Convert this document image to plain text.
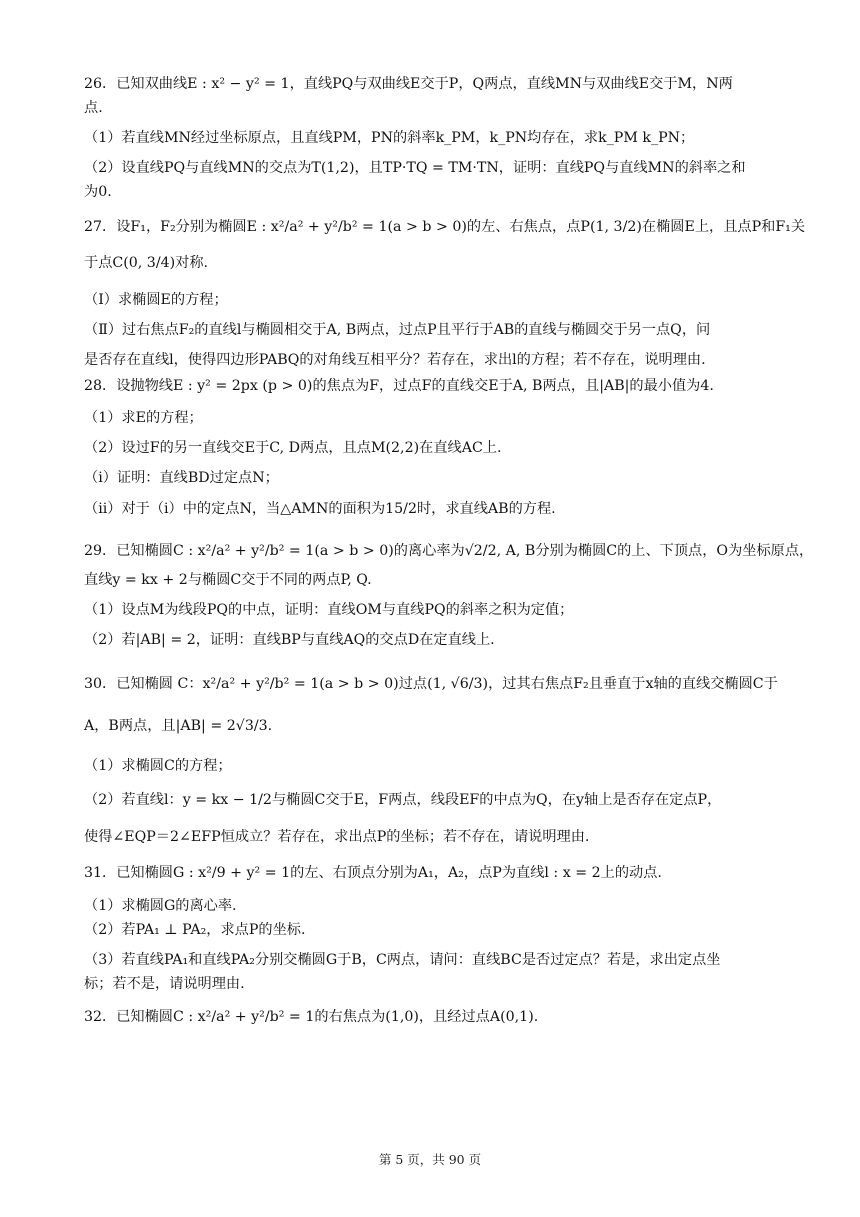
26．已知双曲线E : x² − y² = 1，直线PQ与双曲线E交于P，Q两点，直线MN与双曲线E交于M，N两
点.
（1）若直线MN经过坐标原点，且直线PM，PN的斜率k_PM，k_PN均存在，求k_PM k_PN；
（2）设直线PQ与直线MN的交点为T(1,2)，且TP·TQ = TM·TN，证明：直线PQ与直线MN的斜率之和
为0.
27．设F₁，F₂分别为椭圆E : x²/a² + y²/b² = 1(a > b > 0)的左、右焦点，点P(1, 3/2)在椭圆E上，且点P和F₁关
于点C(0, 3/4)对称.
（Ⅰ）求椭圆E的方程；
（Ⅱ）过右焦点F₂的直线l与椭圆相交于A, B两点，过点P且平行于AB的直线与椭圆交于另一点Q，问
是否存在直线l，使得四边形PABQ的对角线互相平分？若存在，求出l的方程；若不存在，说明理由.
28．设抛物线E : y² = 2px (p > 0)的焦点为F，过点F的直线交E于A, B两点，且|AB|的最小值为4.
（1）求E的方程；
（2）设过F的另一直线交E于C, D两点，且点M(2,2)在直线AC上.
（i）证明：直线BD过定点N；
（ii）对于（i）中的定点N，当△AMN的面积为15/2时，求直线AB的方程.
29．已知椭圆C : x²/a² + y²/b² = 1(a > b > 0)的离心率为√2/2, A, B分别为椭圆C的上、下顶点，O为坐标原点，
直线y = kx + 2与椭圆C交于不同的两点P, Q.
（1）设点M为线段PQ的中点，证明：直线OM与直线PQ的斜率之积为定值；
（2）若|AB| = 2，证明：直线BP与直线AQ的交点D在定直线上.
30．已知椭圆 C：x²/a² + y²/b² = 1(a > b > 0)过点(1, √6/3)，过其右焦点F₂且垂直于x轴的直线交椭圆C于
A，B两点，且|AB| = 2√3/3.
（1）求椭圆C的方程；
（2）若直线l：y = kx − 1/2与椭圆C交于E，F两点，线段EF的中点为Q，在y轴上是否存在定点P，
使得∠EQP＝2∠EFP恒成立？若存在，求出点P的坐标；若不存在，请说明理由.
31．已知椭圆G : x²/9 + y² = 1的左、右顶点分别为A₁，A₂，点P为直线l : x = 2上的动点.
（1）求椭圆G的离心率.
（2）若PA₁ ⊥ PA₂，求点P的坐标.
（3）若直线PA₁和直线PA₂分别交椭圆G于B，C两点，请问：直线BC是否过定点？若是，求出定点坐
标；若不是，请说明理由.
32．已知椭圆C : x²/a² + y²/b² = 1的右焦点为(1,0)，且经过点A(0,1).
第 5 页，共 90 页
